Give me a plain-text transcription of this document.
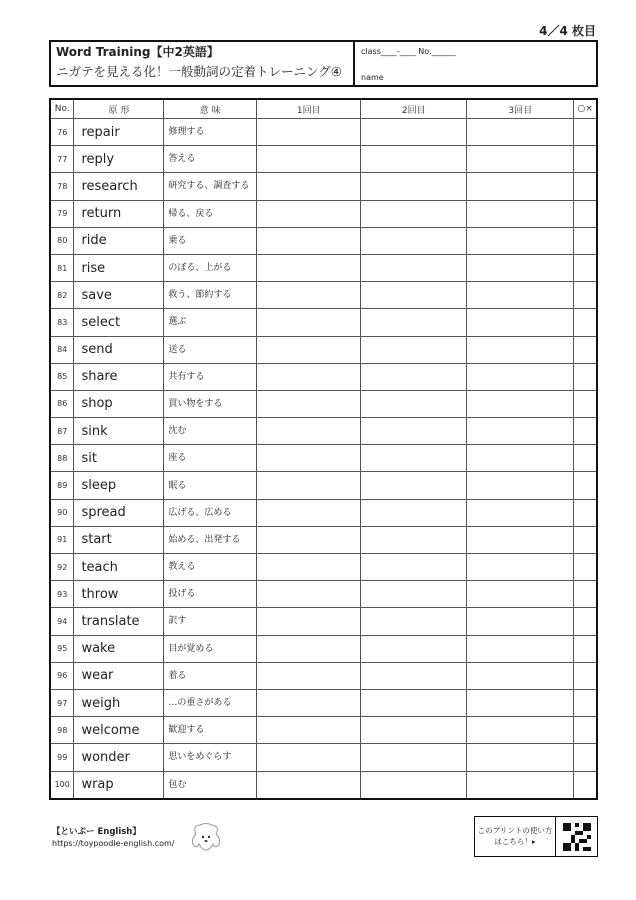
4／4 枚目
Word Training【中2英語】
ニガテを見える化！一般動詞の定着トレーニング④
class____-____ No.______
name
No.	原 形	意 味	1回目	2回目	3回目	○×
76	repair	修理する				
77	reply	答える				
78	research	研究する、調査する				
79	return	帰る、戻る				
80	ride	乗る				
81	rise	のぼる、上がる				
82	save	救う、節約する				
83	select	選ぶ				
84	send	送る				
85	share	共有する				
86	shop	買い物をする				
87	sink	沈む				
88	sit	座る				
89	sleep	眠る				
90	spread	広げる、広める				
91	start	始める、出発する				
92	teach	教える				
93	throw	投げる				
94	translate	訳す				
95	wake	目が覚める				
96	wear	着る				
97	weigh	…の重さがある				
98	welcome	歓迎する				
99	wonder	思いをめぐらす				
100	wrap	包む				
【といぷー English】
https://toypoodle-english.com/
このプリントの使い方はこちら！▸
